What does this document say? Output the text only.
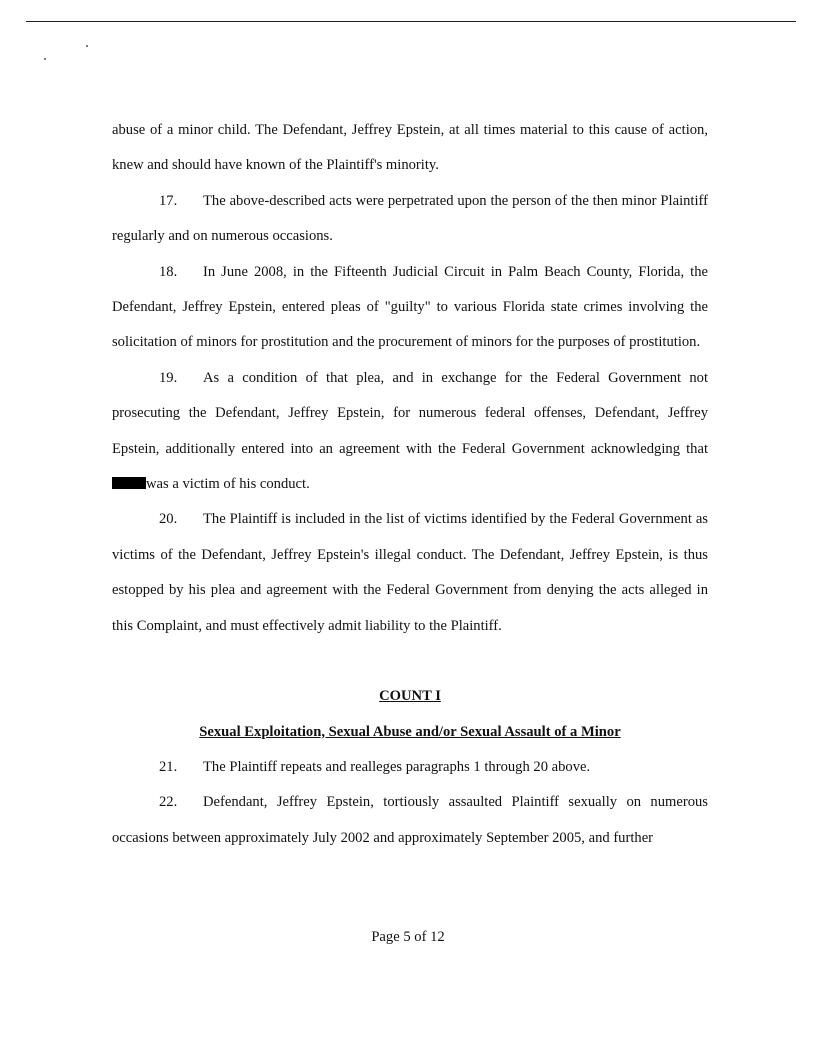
abuse of a minor child. The Defendant, Jeffrey Epstein, at all times material to this cause of action, knew and should have known of the Plaintiff's minority.

17. The above-described acts were perpetrated upon the person of the then minor Plaintiff regularly and on numerous occasions.

18. In June 2008, in the Fifteenth Judicial Circuit in Palm Beach County, Florida, the Defendant, Jeffrey Epstein, entered pleas of "guilty" to various Florida state crimes involving the solicitation of minors for prostitution and the procurement of minors for the purposes of prostitution.

19. As a condition of that plea, and in exchange for the Federal Government not prosecuting the Defendant, Jeffrey Epstein, for numerous federal offenses, Defendant, Jeffrey Epstein, additionally entered into an agreement with the Federal Government acknowledging that was a victim of his conduct.

20. The Plaintiff is included in the list of victims identified by the Federal Government as victims of the Defendant, Jeffrey Epstein's illegal conduct. The Defendant, Jeffrey Epstein, is thus estopped by his plea and agreement with the Federal Government from denying the acts alleged in this Complaint, and must effectively admit liability to the Plaintiff.

COUNT I

Sexual Exploitation, Sexual Abuse and/or Sexual Assault of a Minor

21. The Plaintiff repeats and realleges paragraphs 1 through 20 above.

22. Defendant, Jeffrey Epstein, tortiously assaulted Plaintiff sexually on numerous occasions between approximately July 2002 and approximately September 2005, and further

Page 5 of 12
